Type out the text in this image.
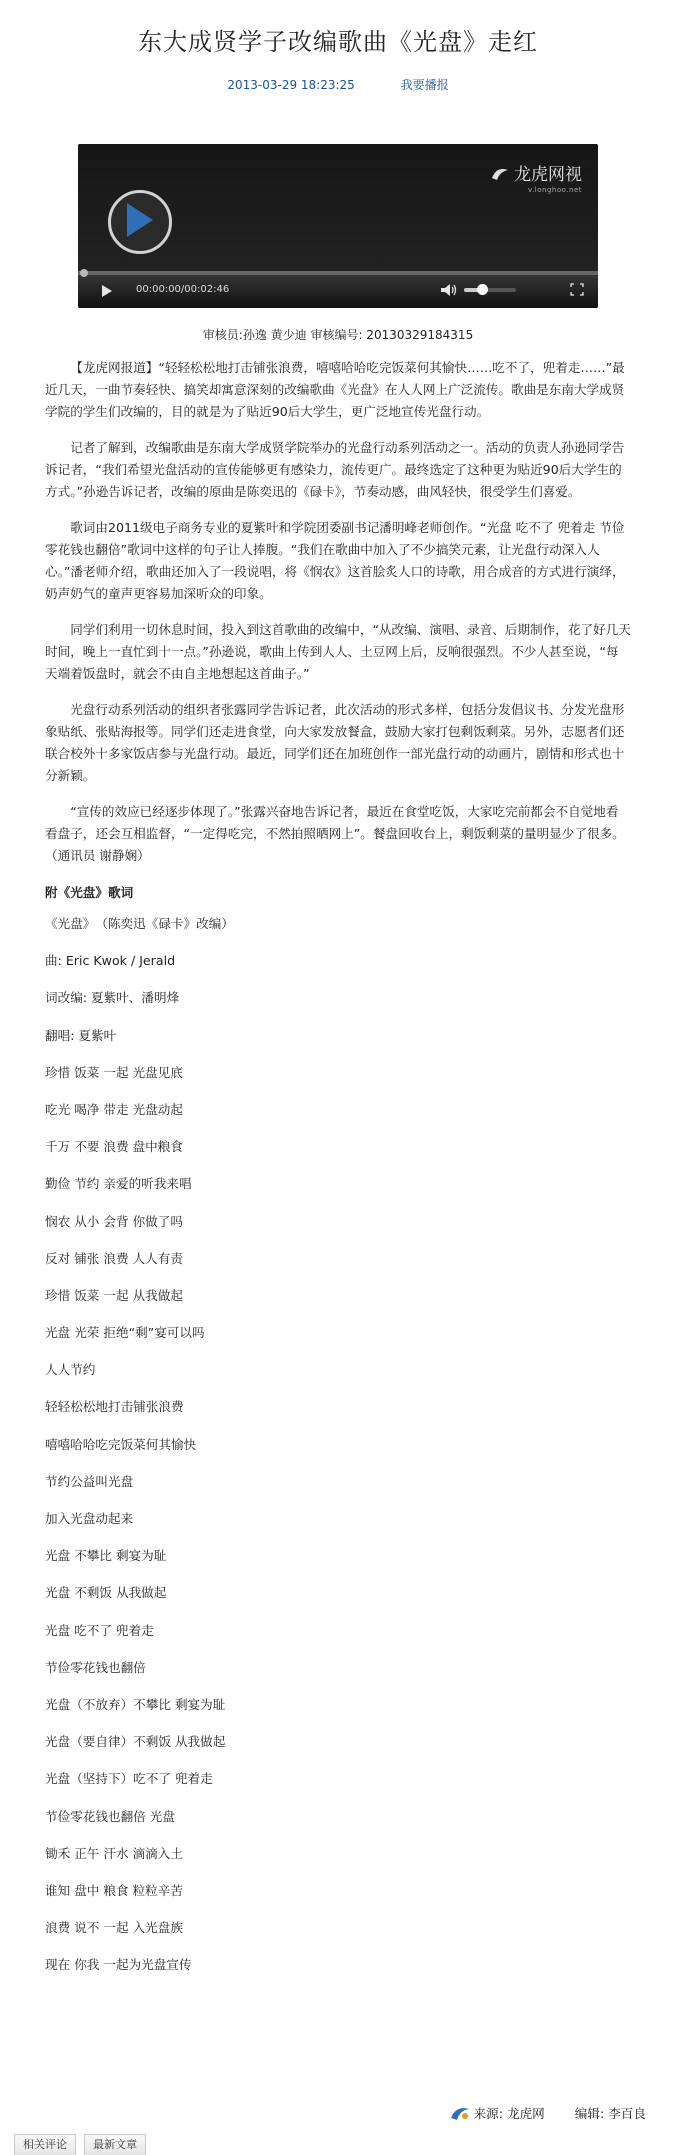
东大成贤学子改编歌曲《光盘》走红
2013-03-29 18:23:25	我要播报
龙虎网视
v.longhoo.net
00:00:00/00:02:46
审核员:孙逸 黄少迪 审核编号: 20130329184315

【龙虎网报道】“轻轻松松地打击铺张浪费，嘻嘻哈哈吃完饭菜何其愉快……吃不了，兜着走……”最近几天，一曲节奏轻快、搞笑却寓意深刻的改编歌曲《光盘》在人人网上广泛流传。歌曲是东南大学成贤学院的学生们改编的，目的就是为了贴近90后大学生，更广泛地宣传光盘行动。

记者了解到，改编歌曲是东南大学成贤学院举办的光盘行动系列活动之一。活动的负责人孙逊同学告诉记者，“我们希望光盘活动的宣传能够更有感染力，流传更广。最终选定了这种更为贴近90后大学生的方式。”孙逊告诉记者，改编的原曲是陈奕迅的《碌卡》，节奏动感，曲风轻快，很受学生们喜爱。

歌词由2011级电子商务专业的夏紫叶和学院团委副书记潘明峰老师创作。“光盘 吃不了 兜着走 节俭零花钱也翻倍”歌词中这样的句子让人捧腹。“我们在歌曲中加入了不少搞笑元素，让光盘行动深入人心。”潘老师介绍，歌曲还加入了一段说唱，将《悯农》这首脍炙人口的诗歌，用合成音的方式进行演绎，奶声奶气的童声更容易加深听众的印象。

同学们利用一切休息时间，投入到这首歌曲的改编中，“从改编、演唱、录音、后期制作，花了好几天时间，晚上一直忙到十一点。”孙逊说，歌曲上传到人人、土豆网上后，反响很强烈。不少人甚至说，“每天端着饭盘时，就会不由自主地想起这首曲子。”

光盘行动系列活动的组织者张露同学告诉记者，此次活动的形式多样，包括分发倡议书、分发光盘形象贴纸、张贴海报等。同学们还走进食堂，向大家发放餐盒，鼓励大家打包剩饭剩菜。另外，志愿者们还联合校外十多家饭店参与光盘行动。最近，同学们还在加班创作一部光盘行动的动画片，剧情和形式也十分新颖。

“宣传的效应已经逐步体现了。”张露兴奋地告诉记者，最近在食堂吃饭，大家吃完前都会不自觉地看看盘子，还会互相监督，“一定得吃完，不然拍照晒网上”。餐盘回收台上，剩饭剩菜的量明显少了很多。（通讯员 谢静娴）

附《光盘》歌词
《光盘》　（陈奕迅《碌卡》改编）
曲: Eric Kwok / Jerald
词改编: 夏紫叶、潘明烽
翻唱: 夏紫叶
珍惜 饭菜 一起 光盘见底
吃光 喝净 带走 光盘动起
千万 不要 浪费 盘中粮食
勤俭 节约 亲爱的听我来唱
悯农 从小 会背 你做了吗
反对 铺张 浪费 人人有责
珍惜 饭菜 一起 从我做起
光盘 光荣 拒绝“剩”宴可以吗
人人节约
轻轻松松地打击铺张浪费
嘻嘻哈哈吃完饭菜何其愉快
节约公益叫光盘
加入光盘动起来
光盘 不攀比 剩宴为耻
光盘 不剩饭 从我做起
光盘 吃不了 兜着走
节俭零花钱也翻倍
光盘（不放弃）不攀比 剩宴为耻
光盘（要自律）不剩饭 从我做起
光盘（坚持下）吃不了 兜着走
节俭零花钱也翻倍 光盘
锄禾 正午 汗水 滴滴入土
谁知 盘中 粮食 粒粒辛苦
浪费 说不 一起 入光盘族
现在 你我 一起为光盘宣传
来源: 龙虎网 编辑: 李百良
相关评论 最新文章
